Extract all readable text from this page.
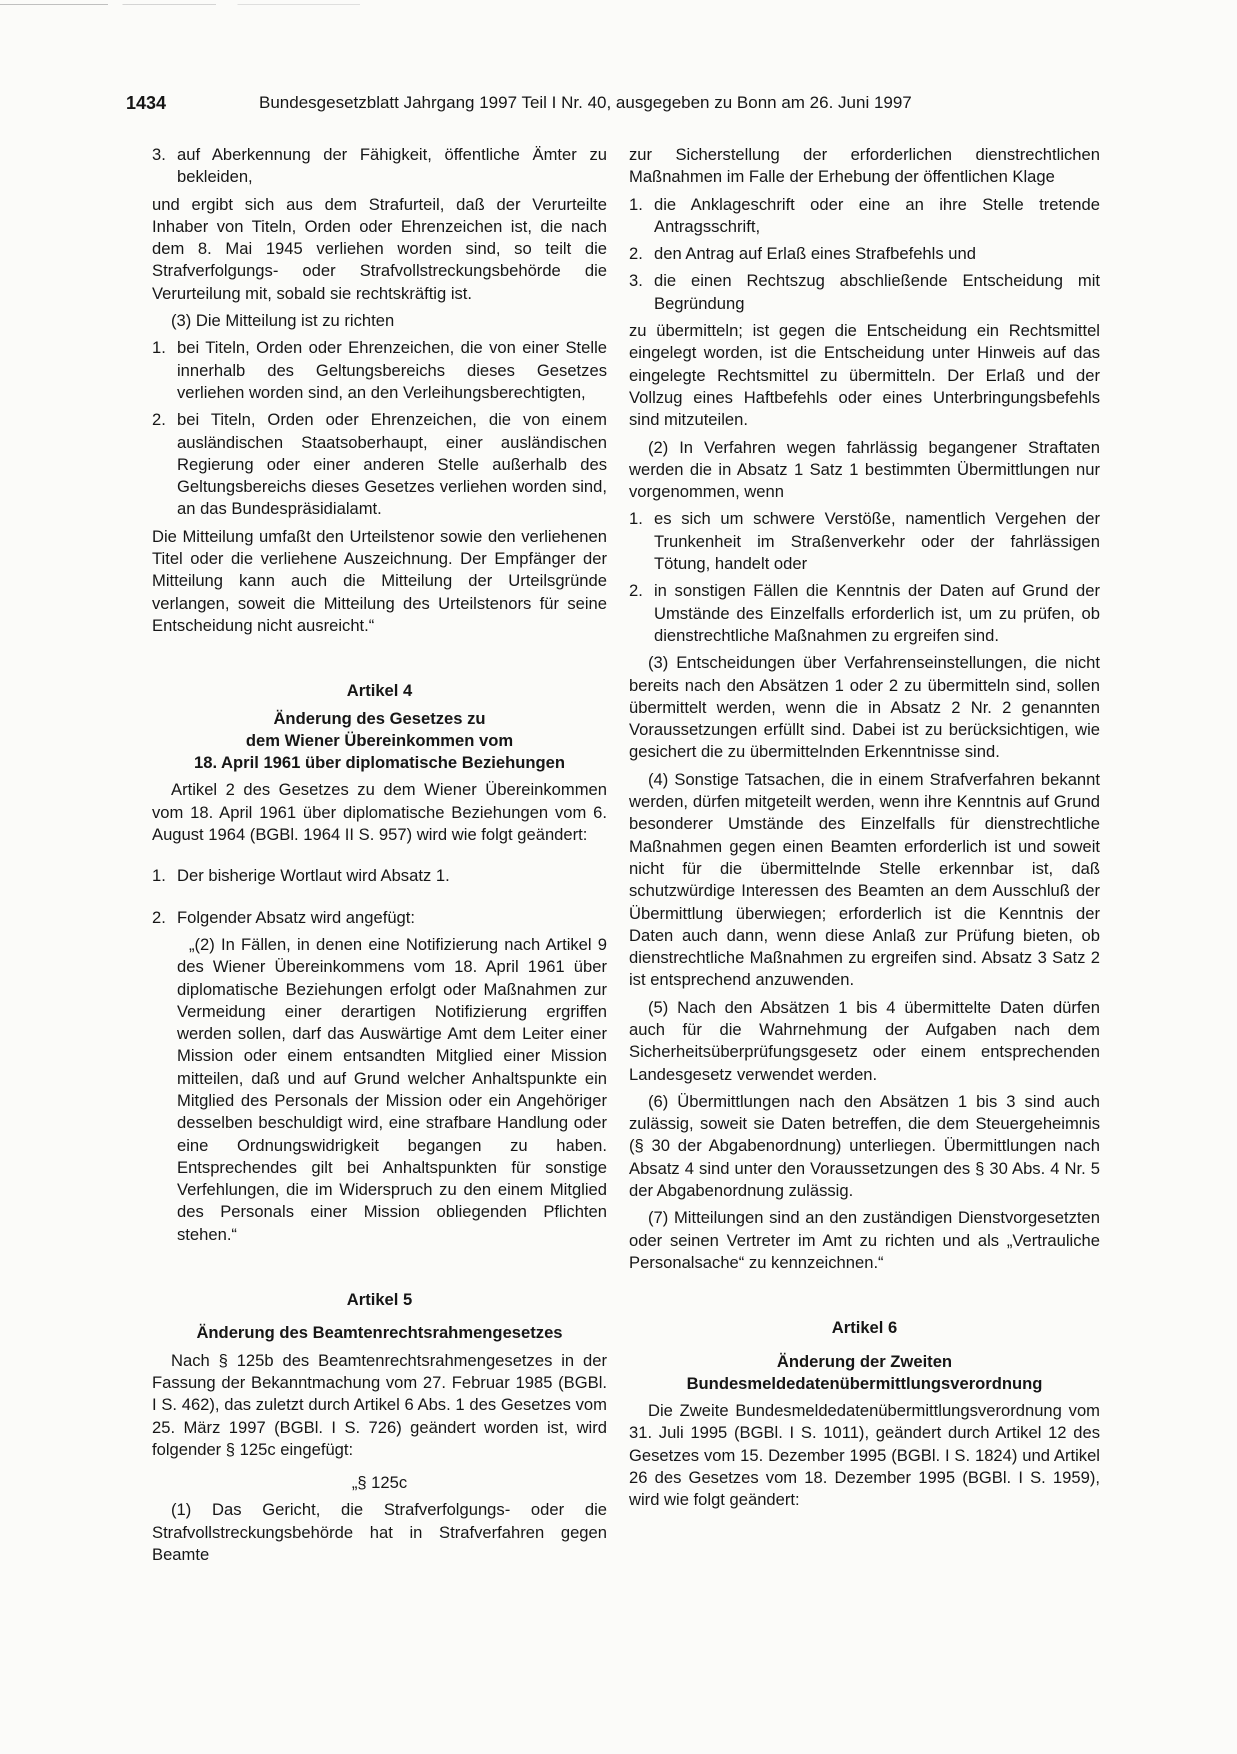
1434	Bundesgesetzblatt Jahrgang 1997 Teil I Nr. 40, ausgegeben zu Bonn am 26. Juni 1997
3. auf Aberkennung der Fähigkeit, öffentliche Ämter zu bekleiden,

und ergibt sich aus dem Strafurteil, daß der Verurteilte Inhaber von Titeln, Orden oder Ehrenzeichen ist, die nach dem 8. Mai 1945 verliehen worden sind, so teilt die Strafverfolgungs- oder Strafvollstreckungsbehörde die Verurteilung mit, sobald sie rechtskräftig ist.

(3) Die Mitteilung ist zu richten

1. bei Titeln, Orden oder Ehrenzeichen, die von einer Stelle innerhalb des Geltungsbereichs dieses Gesetzes verliehen worden sind, an den Verleihungsberechtigten,
2. bei Titeln, Orden oder Ehrenzeichen, die von einem ausländischen Staatsoberhaupt, einer ausländischen Regierung oder einer anderen Stelle außerhalb des Geltungsbereichs dieses Gesetzes verliehen worden sind, an das Bundespräsidialamt.

Die Mitteilung umfaßt den Urteilstenor sowie den verliehenen Titel oder die verliehene Auszeichnung. Der Empfänger der Mitteilung kann auch die Mitteilung der Urteilsgründe verlangen, soweit die Mitteilung des Urteilstenors für seine Entscheidung nicht ausreicht.“

Artikel 4

Änderung des Gesetzes zu

dem Wiener Übereinkommen vom

18. April 1961 über diplomatische Beziehungen

Artikel 2 des Gesetzes zu dem Wiener Übereinkommen vom 18. April 1961 über diplomatische Beziehungen vom 6. August 1964 (BGBl. 1964 II S. 957) wird wie folgt geändert:

1. Der bisherige Wortlaut wird Absatz 1.
2. Folgender Absatz wird angefügt:
„(2) In Fällen, in denen eine Notifizierung nach Artikel 9 des Wiener Übereinkommens vom 18. April 1961 über diplomatische Beziehungen erfolgt oder Maßnahmen zur Vermeidung einer derartigen Notifizierung ergriffen werden sollen, darf das Auswärtige Amt dem Leiter einer Mission oder einem entsandten Mitglied einer Mission mitteilen, daß und auf Grund welcher Anhaltspunkte ein Mitglied des Personals der Mission oder ein Angehöriger desselben beschuldigt wird, eine strafbare Handlung oder eine Ordnungswidrigkeit begangen zu haben. Entsprechendes gilt bei Anhaltspunkten für sonstige Verfehlungen, die im Widerspruch zu den einem Mitglied des Personals einer Mission obliegenden Pflichten stehen.“

Artikel 5

Änderung des Beamtenrechtsrahmengesetzes

Nach § 125b des Beamtenrechtsrahmengesetzes in der Fassung der Bekanntmachung vom 27. Februar 1985 (BGBl. I S. 462), das zuletzt durch Artikel 6 Abs. 1 des Gesetzes vom 25. März 1997 (BGBl. I S. 726) geändert worden ist, wird folgender § 125c eingefügt:

„§ 125c

(1) Das Gericht, die Strafverfolgungs- oder die Strafvollstreckungsbehörde hat in Strafverfahren gegen Beamte

zur Sicherstellung der erforderlichen dienstrechtlichen Maßnahmen im Falle der Erhebung der öffentlichen Klage

1. die Anklageschrift oder eine an ihre Stelle tretende Antragsschrift,
2. den Antrag auf Erlaß eines Strafbefehls und
3. die einen Rechtszug abschließende Entscheidung mit Begründung

zu übermitteln; ist gegen die Entscheidung ein Rechtsmittel eingelegt worden, ist die Entscheidung unter Hinweis auf das eingelegte Rechtsmittel zu übermitteln. Der Erlaß und der Vollzug eines Haftbefehls oder eines Unterbringungsbefehls sind mitzuteilen.

(2) In Verfahren wegen fahrlässig begangener Straftaten werden die in Absatz 1 Satz 1 bestimmten Übermittlungen nur vorgenommen, wenn

1. es sich um schwere Verstöße, namentlich Vergehen der Trunkenheit im Straßenverkehr oder der fahrlässigen Tötung, handelt oder
2. in sonstigen Fällen die Kenntnis der Daten auf Grund der Umstände des Einzelfalls erforderlich ist, um zu prüfen, ob dienstrechtliche Maßnahmen zu ergreifen sind.

(3) Entscheidungen über Verfahrenseinstellungen, die nicht bereits nach den Absätzen 1 oder 2 zu übermitteln sind, sollen übermittelt werden, wenn die in Absatz 2 Nr. 2 genannten Voraussetzungen erfüllt sind. Dabei ist zu berücksichtigen, wie gesichert die zu übermittelnden Erkenntnisse sind.

(4) Sonstige Tatsachen, die in einem Strafverfahren bekannt werden, dürfen mitgeteilt werden, wenn ihre Kenntnis auf Grund besonderer Umstände des Einzelfalls für dienstrechtliche Maßnahmen gegen einen Beamten erforderlich ist und soweit nicht für die übermittelnde Stelle erkennbar ist, daß schutzwürdige Interessen des Beamten an dem Ausschluß der Übermittlung überwiegen; erforderlich ist die Kenntnis der Daten auch dann, wenn diese Anlaß zur Prüfung bieten, ob dienstrechtliche Maßnahmen zu ergreifen sind. Absatz 3 Satz 2 ist entsprechend anzuwenden.

(5) Nach den Absätzen 1 bis 4 übermittelte Daten dürfen auch für die Wahrnehmung der Aufgaben nach dem Sicherheitsüberprüfungsgesetz oder einem entsprechenden Landesgesetz verwendet werden.

(6) Übermittlungen nach den Absätzen 1 bis 3 sind auch zulässig, soweit sie Daten betreffen, die dem Steuergeheimnis (§ 30 der Abgabenordnung) unterliegen. Übermittlungen nach Absatz 4 sind unter den Voraussetzungen des § 30 Abs. 4 Nr. 5 der Abgabenordnung zulässig.

(7) Mitteilungen sind an den zuständigen Dienstvorgesetzten oder seinen Vertreter im Amt zu richten und als „Vertrauliche Personalsache“ zu kennzeichnen.“

Artikel 6

Änderung der Zweiten

Bundesmeldedatenübermittlungsverordnung

Die Zweite Bundesmeldedatenübermittlungsverordnung vom 31. Juli 1995 (BGBl. I S. 1011), geändert durch Artikel 12 des Gesetzes vom 15. Dezember 1995 (BGBl. I S. 1824) und Artikel 26 des Gesetzes vom 18. Dezember 1995 (BGBl. I S. 1959), wird wie folgt geändert:
